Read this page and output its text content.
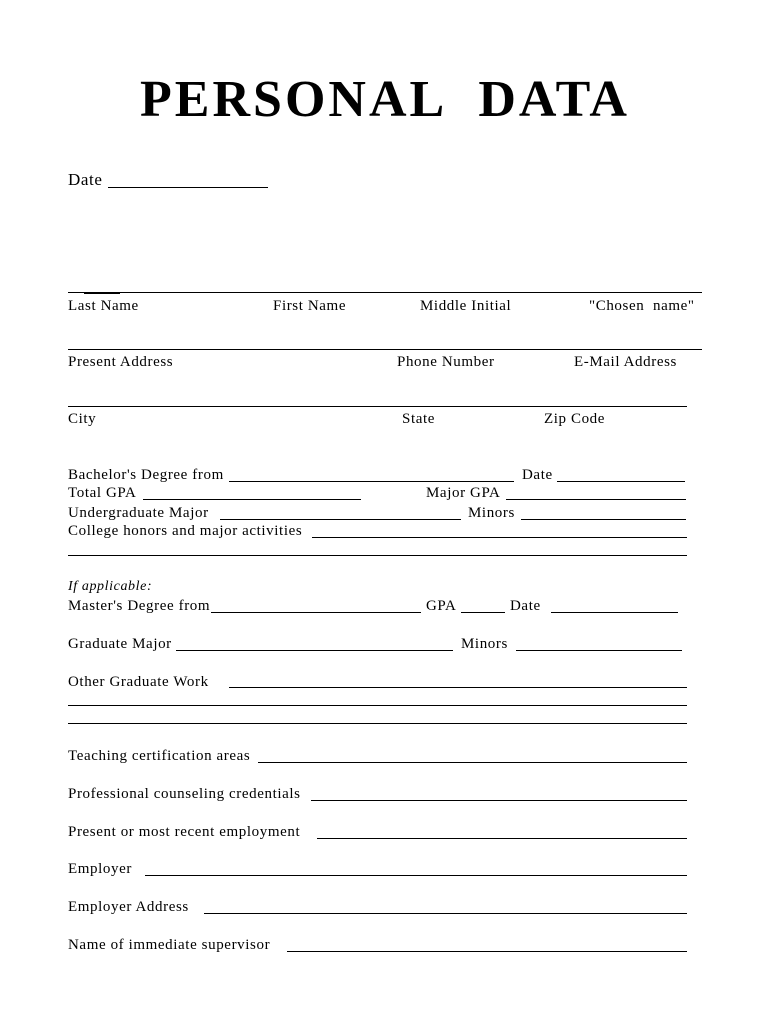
PERSONAL DATA
Date
Last Name	First Name	Middle Initial	"Chosen  name"
Present Address	Phone Number	E-Mail Address
City	State	Zip Code
Bachelor's Degree from	Date
Total GPA	Major GPA
Undergraduate Major	Minors
College honors and major activities
If applicable:
Master's Degree from	GPA	Date
Graduate Major	Minors
Other Graduate Work
Teaching certification areas
Professional counseling credentials
Present or most recent employment
Employer
Employer Address
Name of immediate supervisor
